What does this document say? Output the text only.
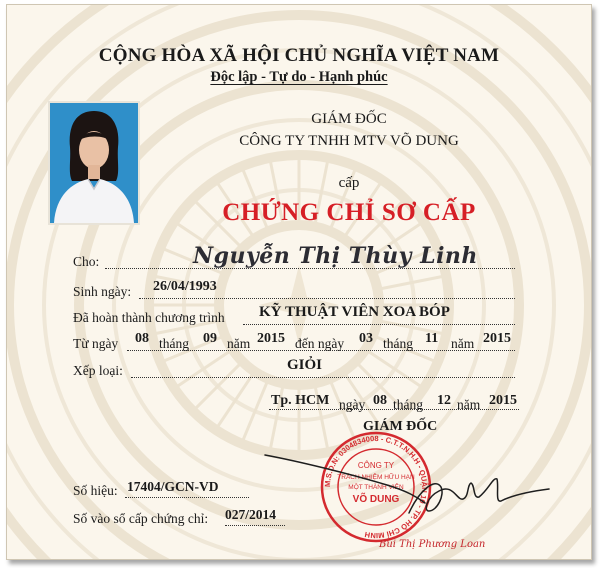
CỘNG HÒA XÃ HỘI CHỦ NGHĨA VIỆT NAM
Độc lập - Tự do - Hạnh phúc
GIÁM ĐỐC
CÔNG TY TNHH MTV VÕ DUNG
cấp
CHỨNG CHỈ SƠ CẤP
Cho:	Nguyễn Thị Thùy Linh
Sinh ngày: 26/04/1993
Đã hoàn thành chương trình KỸ THUẬT VIÊN XOA BÓP
Từ ngày 08 tháng 09 năm 2015 đến ngày 03 tháng 11 năm 2015
Xếp loại:	GIỎI
Tp. HCM ngày 08 tháng 12 năm 2015
GIÁM ĐỐC
M.S.D.N: 0304834008 - C.T.T.N.H.H - QUẬN 10 - TP. HỒ CHÍ MINH
CÔNG TY
TRÁCH NHIỆM HỮU HẠN
MỘT THÀNH VIÊN
VÕ DUNG
Bùi Thị Phương Loan
Số hiệu: 17404/GCN-VD
Số vào sổ cấp chứng chỉ: 027/2014
